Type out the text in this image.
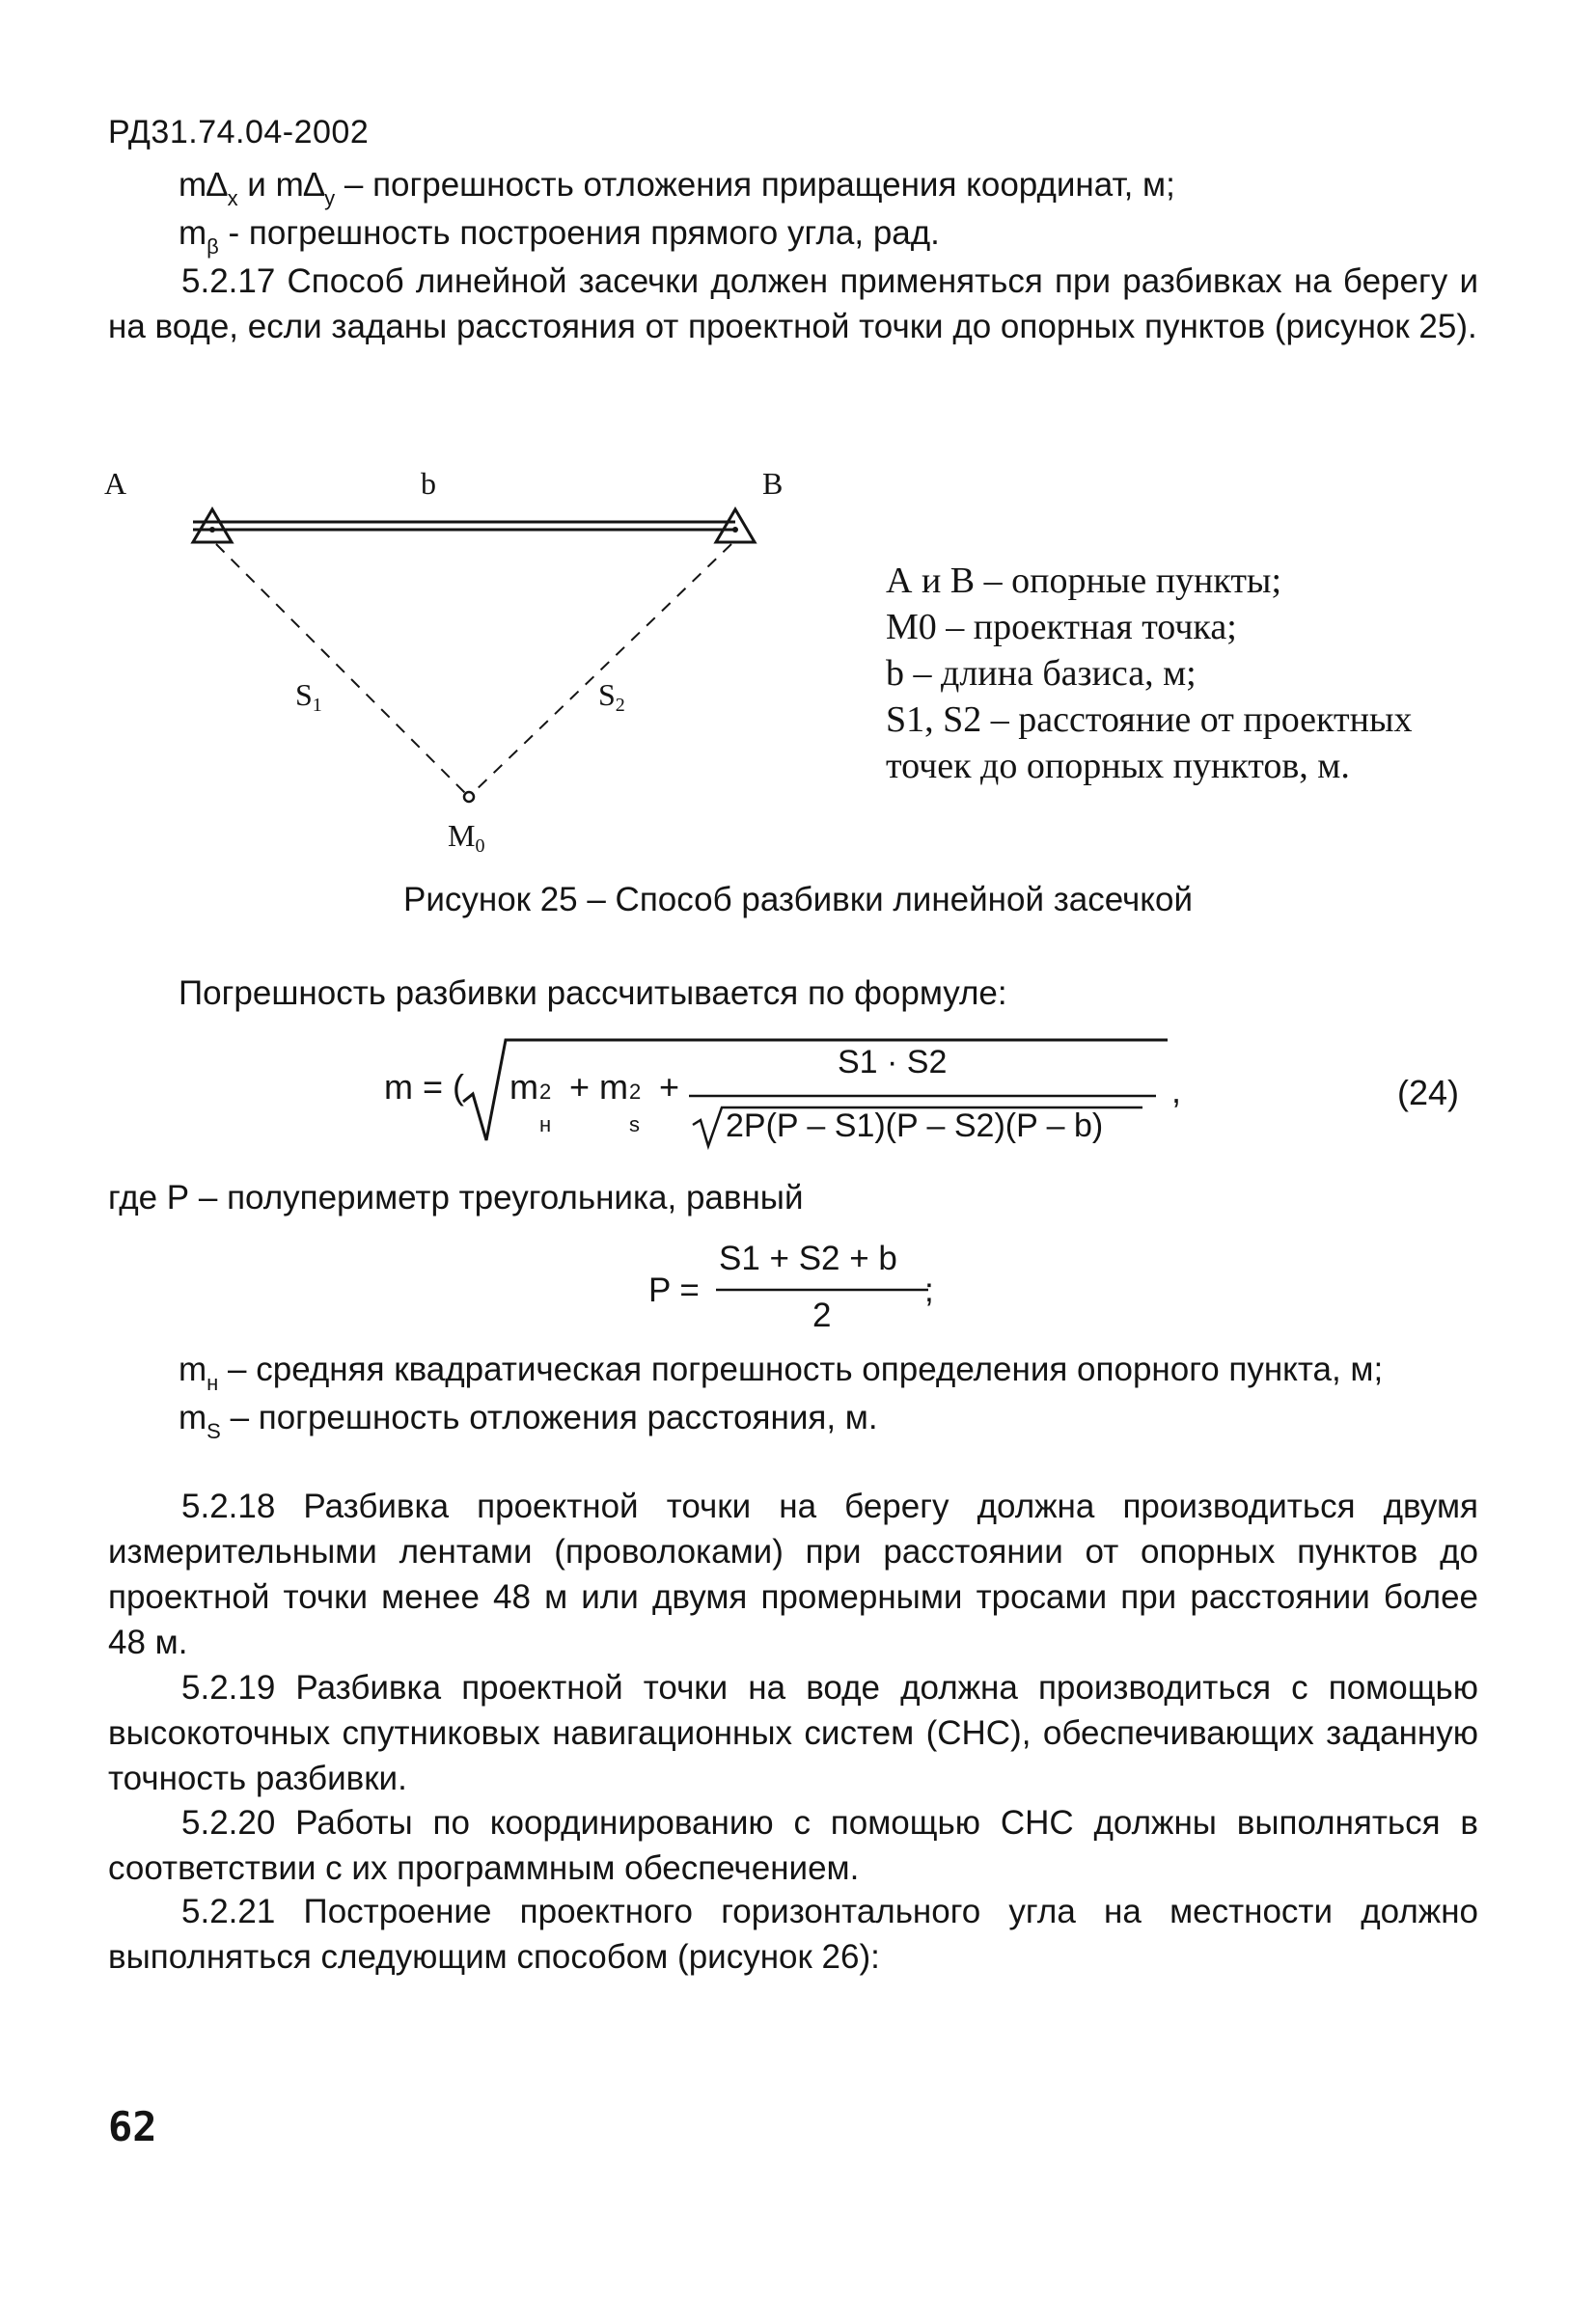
РД31.74.04-2002
$m\Delta_x$ и $m\Delta_y$ – погрешность отложения приращения координат, м;
$m_\beta$ - погрешность построения прямого угла, рад.
5.2.17 Способ линейной засечки должен применяться при разбивках на берегу и на воде, если заданы расстояния от проектной точки до опорных пунктов (рисунок 25).
A	b	B
S1	S2
M0
А и В – опорные пункты;
M0 – проектная точка;
b – длина базиса, м;
S1, S2 – расстояние от проектных
точек до опорных пунктов, м.
Рисунок 25 – Способ разбивки линейной засечкой
Погрешность разбивки рассчитывается по формуле:
m = ( m 2
н
+ m 2
s
+
S1 · S2
2P(P – S1)(P – S2)(P – b)
,	(24)
где Р – полупериметр треугольника, равный
P =
S1 + S2 + b
2
;
$m_н$ – средняя квадратическая погрешность определения опорного пункта, м;
$m_S$ – погрешность отложения расстояния, м.
5.2.18 Разбивка проектной точки на берегу должна производиться двумя измерительными лентами (проволоками) при расстоянии от опорных пунктов до проектной точки менее 48 м или двумя промерными тросами при расстоянии более 48 м.
5.2.19 Разбивка проектной точки на воде должна производиться с помощью высокоточных спутниковых навигационных систем (СНС), обеспечивающих заданную точность разбивки.
5.2.20 Работы по координированию с помощью СНС должны выполняться в соответствии с их программным обеспечением.
5.2.21 Построение проектного горизонтального угла на местности должно выполняться следующим способом (рисунок 26):
62
